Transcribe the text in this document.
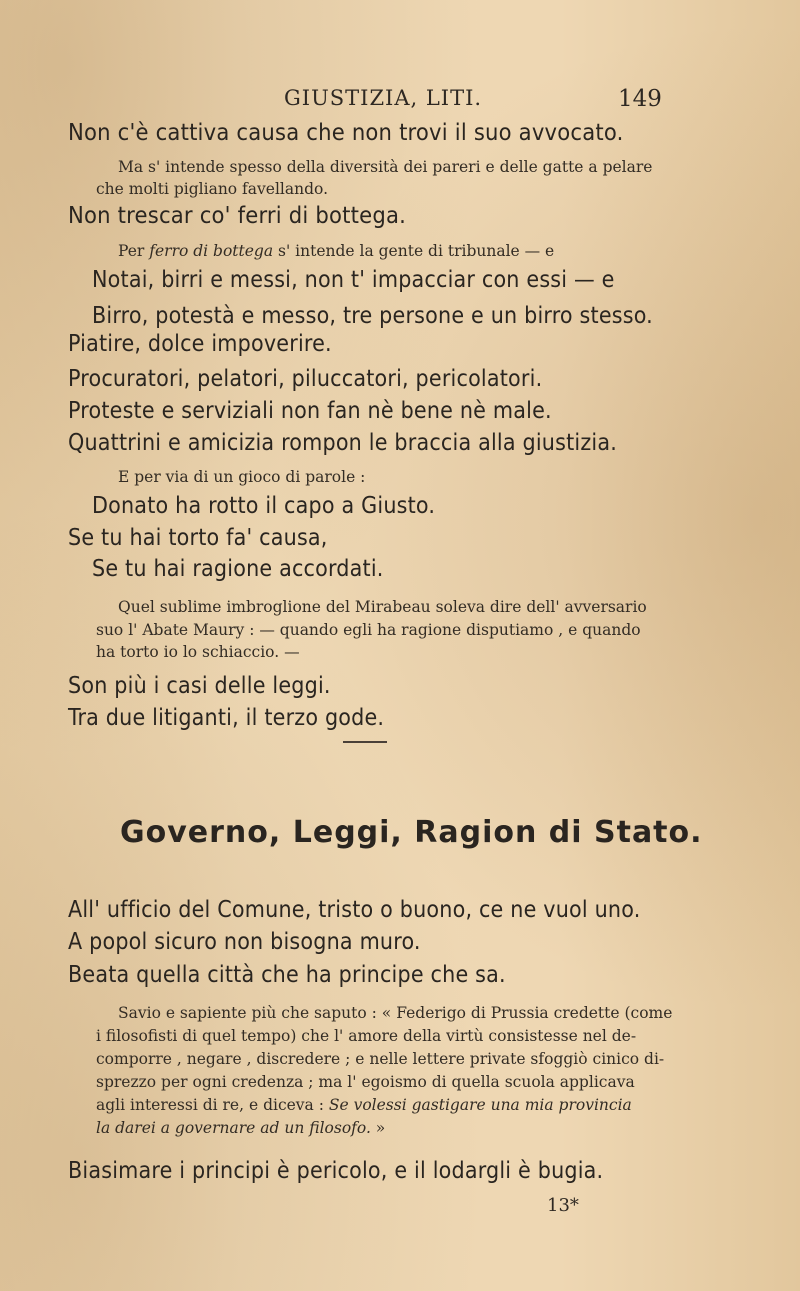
GIUSTIZIA, LITI.	149
Non c'è cattiva causa che non trovi il suo avvocato.
Ma s' intende spesso della diversità dei pareri e delle gatte a pelare
che molti pigliano favellando.
Non trescar co' ferri di bottega.
Per ferro di bottega s' intende la gente di tribunale — e
Notai, birri e messi, non t' impacciar con essi — e
Birro, potestà e messo, tre persone e un birro stesso.
Piatire, dolce impoverire.
Procuratori, pelatori, piluccatori, pericolatori.
Proteste e serviziali non fan nè bene nè male.
Quattrini e amicizia rompon le braccia alla giustizia.
E per via di un gioco di parole :
Donato ha rotto il capo a Giusto.
Se tu hai torto fa' causa,
Se tu hai ragione accordati.
Quel sublime imbroglione del Mirabeau soleva dire dell' avversario
suo l' Abate Maury : — quando egli ha ragione disputiamo , e quando
ha torto io lo schiaccio. —
Son più i casi delle leggi.
Tra due litiganti, il terzo gode.
Governo, Leggi, Ragion di Stato.
All' ufficio del Comune, tristo o buono, ce ne vuol uno.
A popol sicuro non bisogna muro.
Beata quella città che ha principe che sa.
Savio e sapiente più che saputo : « Federigo di Prussia credette (come
i filosofisti di quel tempo) che l' amore della virtù consistesse nel de-
comporre , negare , discredere ; e nelle lettere private sfoggiò cinico di-
sprezzo per ogni credenza ; ma l' egoismo di quella scuola applicava
agli interessi di re, e diceva : Se volessi gastigare una mia provincia
la darei a governare ad un filosofo. »
Biasimare i principi è pericolo, e il lodargli è bugia.
13*
